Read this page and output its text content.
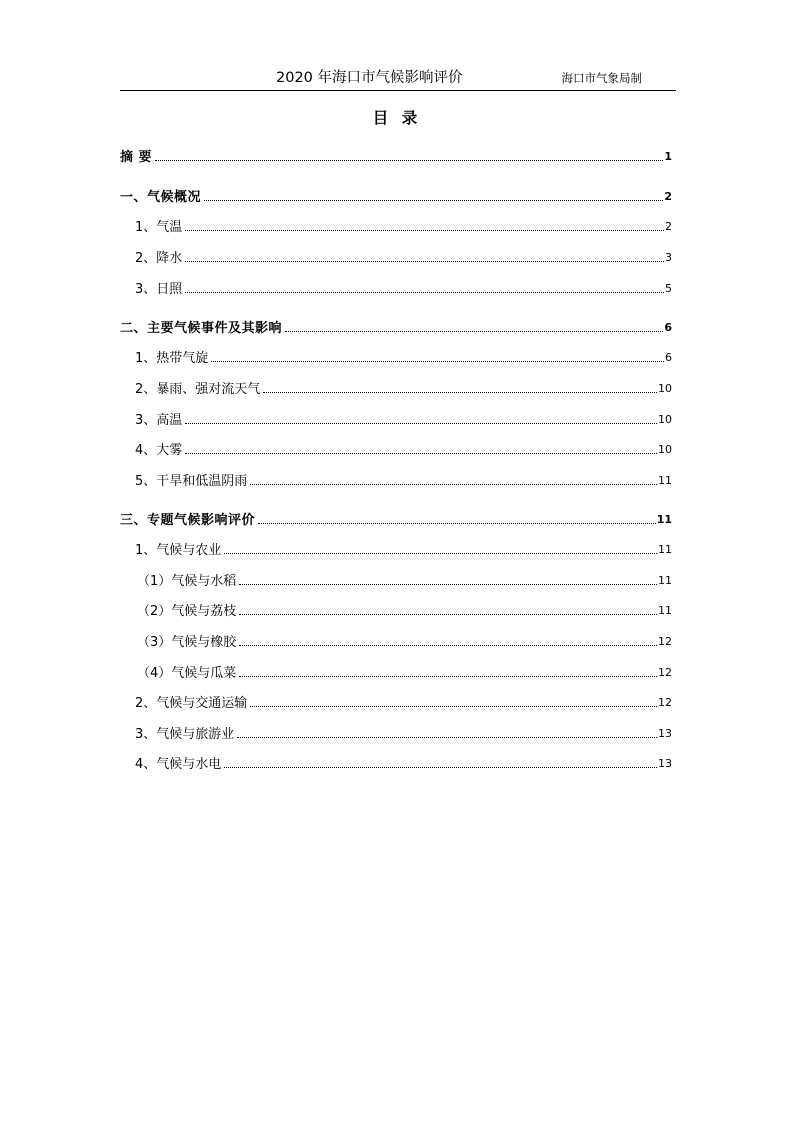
2020 年海口市气候影响评价	海口市气象局制
目 录
摘 要	1
一、气候概况	2
1、气温	2
2、降水	3
3、日照	5
二、主要气候事件及其影响	6
1、热带气旋	6
2、暴雨、强对流天气	10
3、高温	10
4、大雾	10
5、干旱和低温阴雨	11
三、专题气候影响评价	11
1、气候与农业	11
（1）气候与水稻	11
（2）气候与荔枝	11
（3）气候与橡胶	12
（4）气候与瓜菜	12
2、气候与交通运输	12
3、气候与旅游业	13
4、气候与水电	13
